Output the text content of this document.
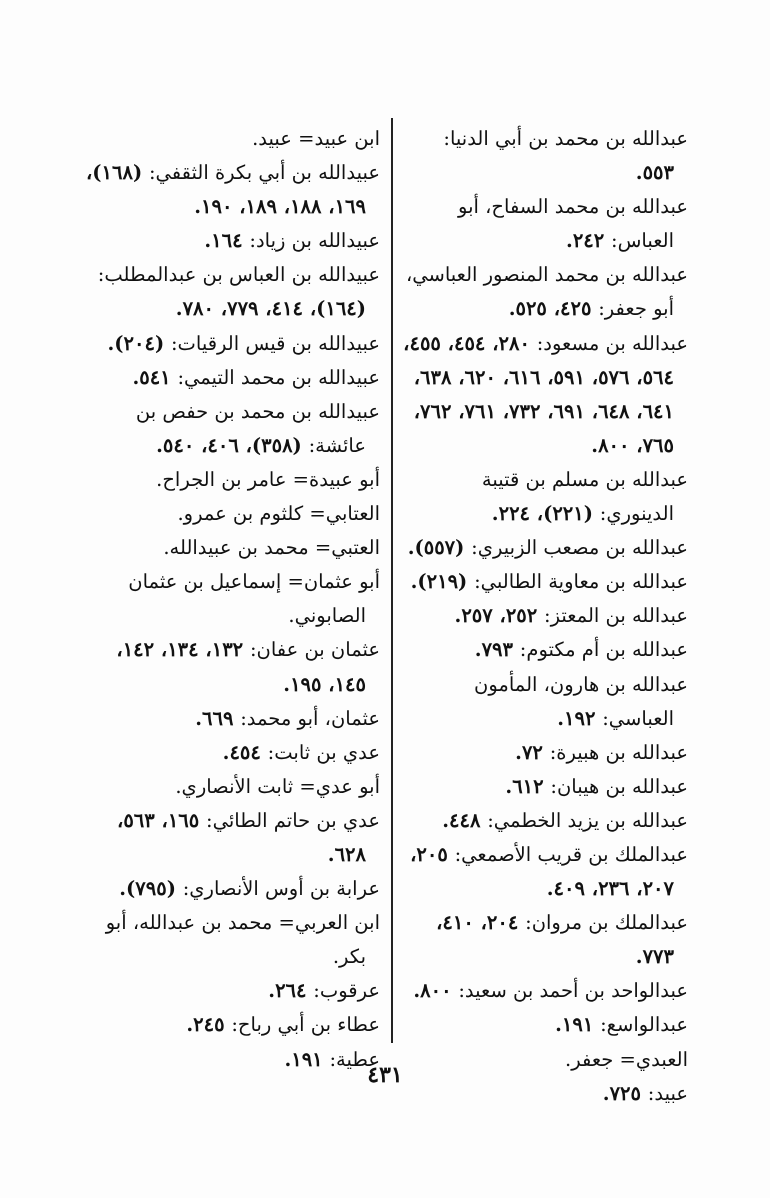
عبدالله بن محمد بن أبي الدنيا: ٥٥٣.

عبدالله بن محمد السفاح، أبو العباس: ٢٤٢.

عبدالله بن محمد المنصور العباسي، أبو جعفر: ٤٢٥، ٥٢٥.

عبدالله بن مسعود: ٢٨٠، ٤٥٤، ٤٥٥، ٥٦٤، ٥٧٦، ٥٩١، ٦١٦، ٦٢٠، ٦٣٨، ٦٤١، ٦٤٨، ٦٩١، ٧٣٢، ٧٦١، ٧٦٢، ٧٦٥، ٨٠٠.

عبدالله بن مسلم بن قتيبة الدينوري: (٢٢١)، ٢٢٤.

عبدالله بن مصعب الزبيري: (٥٥٧).

عبدالله بن معاوية الطالبي: (٢١٩).

عبدالله بن المعتز: ٢٥٢، ٢٥٧.

عبدالله بن أم مكتوم: ٧٩٣.

عبدالله بن هارون، المأمون العباسي: ١٩٢.

عبدالله بن هبيرة: ٧٢.

عبدالله بن هيبان: ٦١٢.

عبدالله بن يزيد الخطمي: ٤٤٨.

عبدالملك بن قريب الأصمعي: ٢٠٥، ٢٠٧، ٢٣٦، ٤٠٩.

عبدالملك بن مروان: ٢٠٤، ٤١٠، ٧٧٣.

عبدالواحد بن أحمد بن سعيد: ٨٠٠.

عبدالواسع: ١٩١.

العبدي= جعفر.

عبيد: ٧٢٥.

ابن عبيد= عبيد.

عبيدالله بن أبي بكرة الثقفي: (١٦٨)، ١٦٩، ١٨٨، ١٨٩، ١٩٠.

عبيدالله بن زياد: ١٦٤.

عبيدالله بن العباس بن عبدالمطلب: (١٦٤)، ٤١٤، ٧٧٩، ٧٨٠.

عبيدالله بن قيس الرقيات: (٢٠٤).

عبيدالله بن محمد التيمي: ٥٤١.

عبيدالله بن محمد بن حفص بن عائشة: (٣٥٨)، ٤٠٦، ٥٤٠.

أبو عبيدة= عامر بن الجراح.

العتابي= كلثوم بن عمرو.

العتبي= محمد بن عبيدالله.

أبو عثمان= إسماعيل بن عثمان الصابوني.

عثمان بن عفان: ١٣٢، ١٣٤، ١٤٢، ١٤٥، ١٩٥.

عثمان، أبو محمد: ٦٦٩.

عدي بن ثابت: ٤٥٤.

أبو عدي= ثابت الأنصاري.

عدي بن حاتم الطائي: ١٦٥، ٥٦٣، ٦٢٨.

عرابة بن أوس الأنصاري: (٧٩٥).

ابن العربي= محمد بن عبدالله، أبو بكر.

عرقوب: ٢٦٤.

عطاء بن أبي رباح: ٢٤٥.

عطية: ١٩١.

٤٣١
